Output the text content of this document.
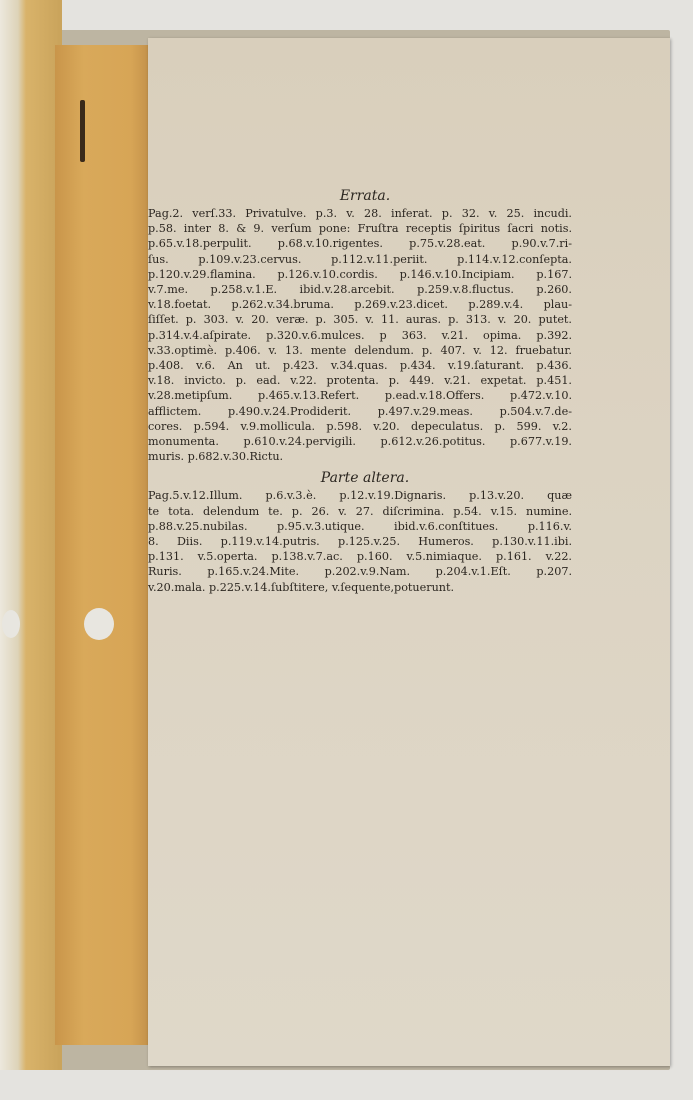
Errata.
Pag.2. verſ.33. Privatulve. p.3. v. 28. inferat. p. 32. v. 25. incudi.
p.58. inter 8. & 9. verſum pone: Fruſtra receptis ſpiritus ſacri notis.
p.65.v.18.perpulit. p.68.v.10.rigentes. p.75.v.28.eat. p.90.v.7.ri-
ſus. p.109.v.23.cervus. p.112.v.11.periit. p.114.v.12.conſepta.
p.120.v.29.flamina. p.126.v.10.cordis. p.146.v.10.Incipiam. p.167.
v.7.me. p.258.v.1.E. ibid.v.28.arcebit. p.259.v.8.fluctus. p.260.
v.18.foetat. p.262.v.34.bruma. p.269.v.23.dicet. p.289.v.4. plau-
ſiſſet. p. 303. v. 20. veræ. p. 305. v. 11. auras. p. 313. v. 20. putet.
p.314.v.4.aſpirate. p.320.v.6.mulces. p 363. v.21. opima. p.392.
v.33.optimè. p.406. v. 13. mente delendum. p. 407. v. 12. fruebatur.
p.408. v.6. An ut. p.423. v.34.quas. p.434. v.19.ſaturant. p.436.
v.18. invicto. p. ead. v.22. protenta. p. 449. v.21. expetat. p.451.
v.28.metipſum. p.465.v.13.Refert. p.ead.v.18.Offers. p.472.v.10.
afflictem. p.490.v.24.Prodiderit. p.497.v.29.meas. p.504.v.7.de-
cores. p.594. v.9.molliculа. p.598. v.20. depeculatus. p. 599. v.2.
monumenta. p.610.v.24.pervigili. p.612.v.26.potitus. p.677.v.19.
muris. p.682.v.30.Rictu.
Parte altera.
Pag.5.v.12.Illum. p.6.v.3.è. p.12.v.19.Dignaris. p.13.v.20. quæ
te tota. delendum te. p. 26. v. 27. diſcrimina. p.54. v.15. numine.
p.88.v.25.nubilas. p.95.v.3.utique. ibid.v.6.conſtitues. p.116.v.
8. Diis. p.119.v.14.putris. p.125.v.25. Humeros. p.130.v.11.ibi.
p.131. v.5.operta. p.138.v.7.ac. p.160. v.5.nimiaque. p.161. v.22.
Ruris. p.165.v.24.Mite. p.202.v.9.Nam. p.204.v.1.Eſt. p.207.
v.20.mala. p.225.v.14.ſubſtitere, v.ſequente,potuerunt.
